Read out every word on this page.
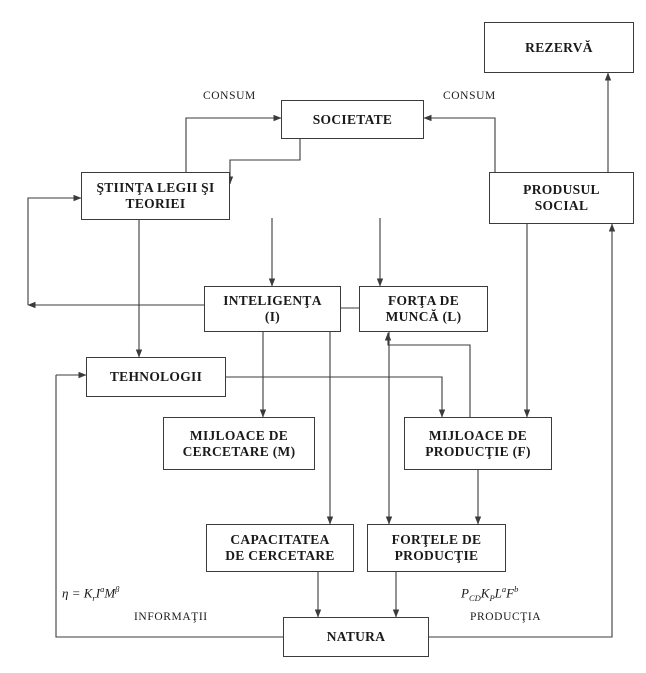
REZERVĂ
SOCIETATE
PRODUSUL
SOCIAL
ŞTIINŢA LEGII ŞI
TEORIEI
INTELIGENŢA
(I)
FORŢA DE
MUNCĂ (L)
TEHNOLOGII
MIJLOACE DE
CERCETARE (M)
MIJLOACE DE
PRODUCŢIE (F)
CAPACITATEA
DE CERCETARE
FORŢELE DE
PRODUCŢIE
NATURA
CONSUM	CONSUM
INFORMAŢII	PRODUCŢIA
$\eta = K_rI^aM^\beta$	$P_{CD}K_PL^aF^b$
